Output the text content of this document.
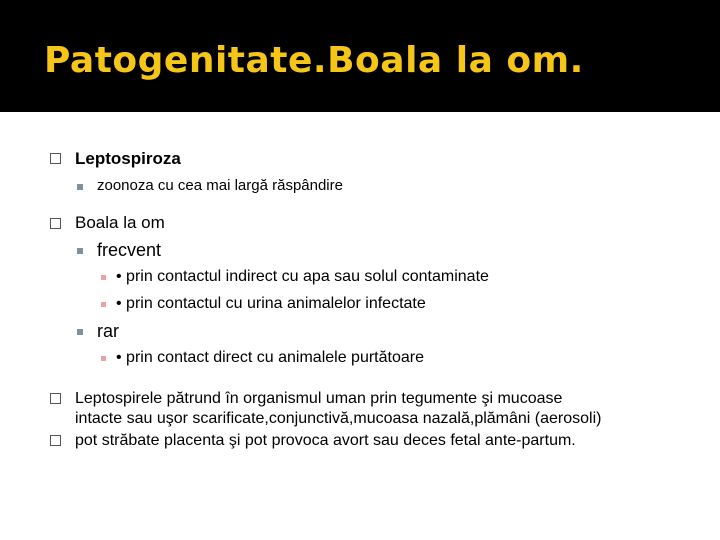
Patogenitate.Boala la om.
Leptospiroza
zoonoza cu cea mai largă răspândire
Boala la om
frecvent
• prin contactul indirect cu apa sau solul contaminate
• prin contactul cu urina animalelor infectate
rar
• prin contact direct cu animalele purtătoare
Leptospirele pătrund în organismul uman prin tegumente şi mucoase
intacte sau uşor scarificate,conjunctivă,mucoasa nazală,plămâni (aerosoli)
pot străbate placenta şi pot provoca avort sau deces fetal ante-partum.
